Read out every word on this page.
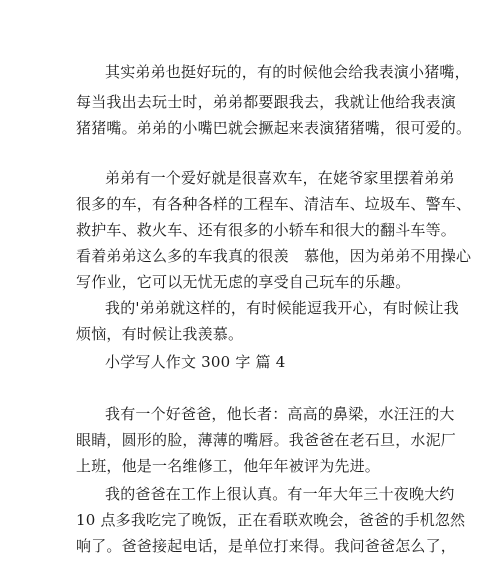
其实弟弟也挺好玩的，有的时候他会给我表演小猪嘴，
每当我出去玩士时，弟弟都要跟我去，我就让他给我表演
猪猪嘴。弟弟的小嘴巴就会撅起来表演猪猪嘴，很可爱的。
弟弟有一个爱好就是很喜欢车，在姥爷家里摆着弟弟
很多的车，有各种各样的工程车、清洁车、垃圾车、警车、
救护车、救火车、还有很多的小轿车和很大的翻斗车等。
看着弟弟这么多的车我真的很羡　慕他，因为弟弟不用操心
写作业，它可以无忧无虑的享受自己玩车的乐趣。
我的'弟弟就这样的，有时候能逗我开心，有时候让我
烦恼，有时候让我羡慕。
小学写人作文 300 字 篇 4
我有一个好爸爸，他长者：高高的鼻梁，水汪汪的大
眼睛，圆形的脸，薄薄的嘴唇。我爸爸在老石旦，水泥厂
上班，他是一名维修工，他年年被评为先进。
我的爸爸在工作上很认真。有一年大年三十夜晚大约
10 点多我吃完了晚饭，正在看联欢晚会，爸爸的手机忽然
响了。爸爸接起电话，是单位打来得。我问爸爸怎么了，
